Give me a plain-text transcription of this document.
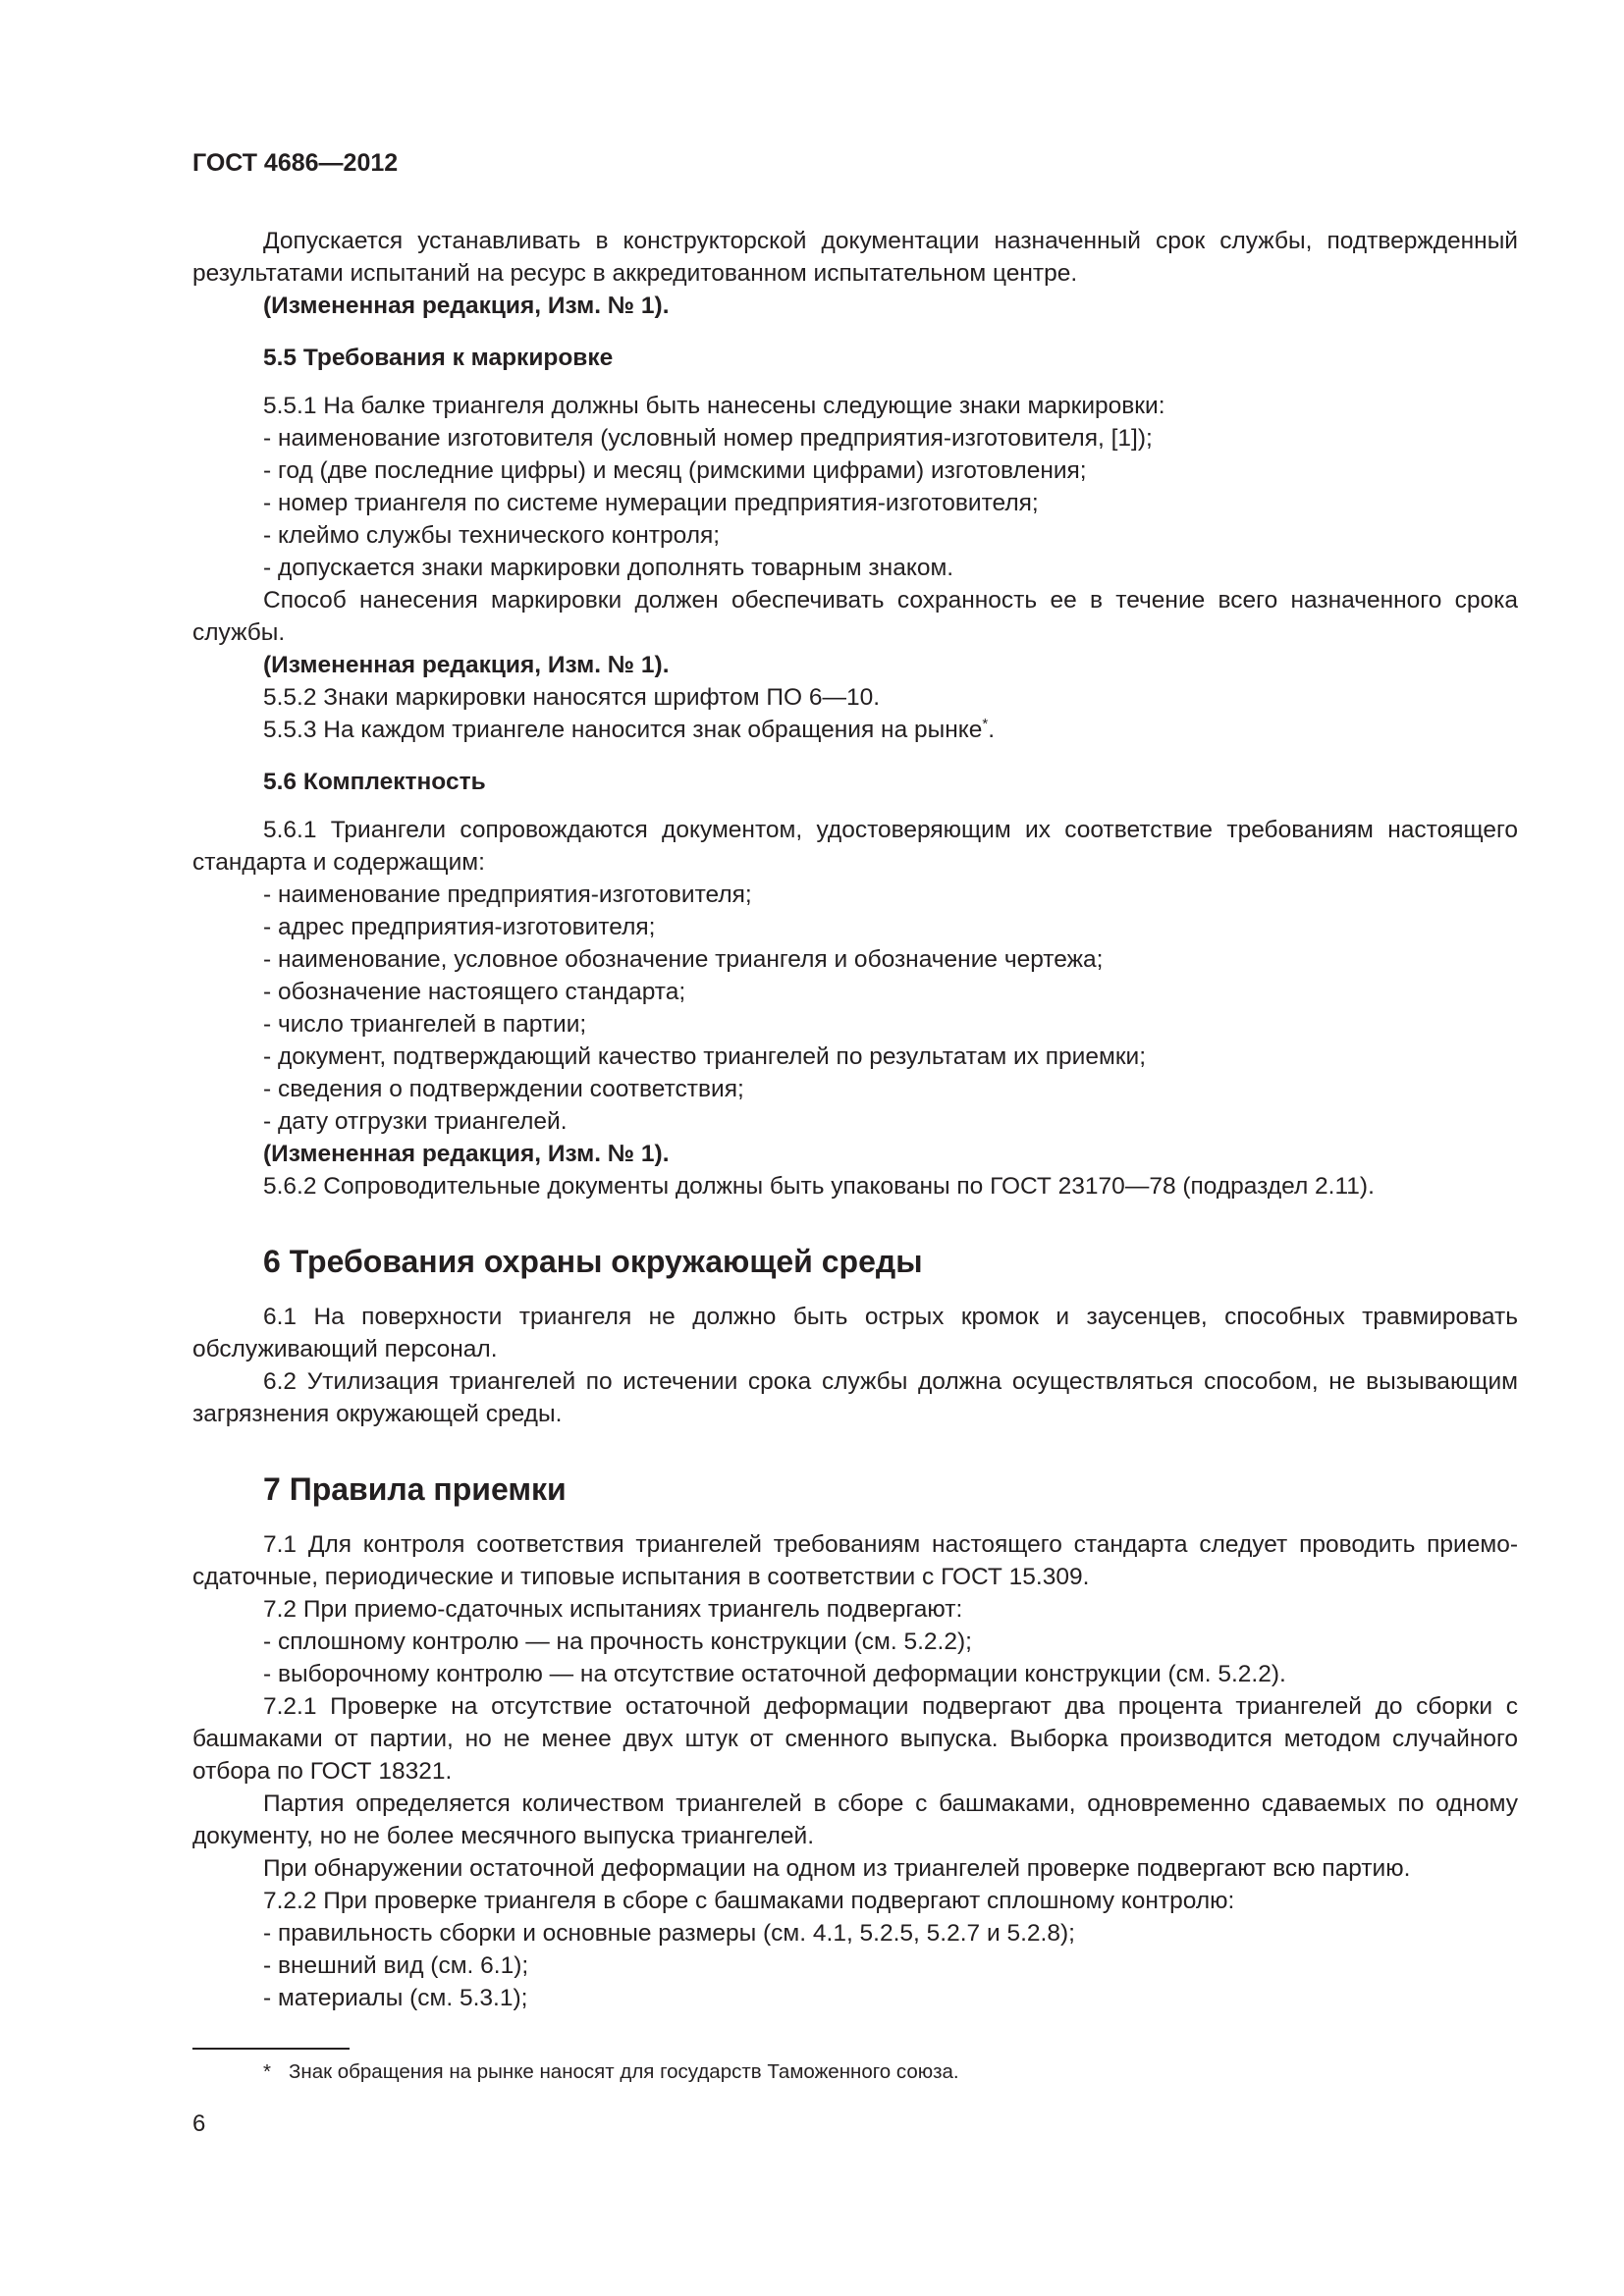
ГОСТ 4686—2012

Допускается устанавливать в конструкторской документации назначенный срок службы, подтвержденный результатами испытаний на ресурс в аккредитованном испытательном центре.

(Измененная редакция, Изм. № 1).

5.5 Требования к маркировке

5.5.1 На балке триангеля должны быть нанесены следующие знаки маркировки:

- наименование изготовителя (условный номер предприятия-изготовителя, [1]);

- год (две последние цифры) и месяц (римскими цифрами) изготовления;

- номер триангеля по системе нумерации предприятия-изготовителя;

- клеймо службы технического контроля;

- допускается знаки маркировки дополнять товарным знаком.

Способ нанесения маркировки должен обеспечивать сохранность ее в течение всего назначенного срока службы.

(Измененная редакция, Изм. № 1).

5.5.2 Знаки маркировки наносятся шрифтом ПО 6—10.

5.5.3 На каждом триангеле наносится знак обращения на рынке*.

5.6 Комплектность

5.6.1 Триангели сопровождаются документом, удостоверяющим их соответствие требованиям настоящего стандарта и содержащим:

- наименование предприятия-изготовителя;

- адрес предприятия-изготовителя;

- наименование, условное обозначение триангеля и обозначение чертежа;

- обозначение настоящего стандарта;

- число триангелей в партии;

- документ, подтверждающий качество триангелей по результатам их приемки;

- сведения о подтверждении соответствия;

- дату отгрузки триангелей.

(Измененная редакция, Изм. № 1).

5.6.2 Сопроводительные документы должны быть упакованы по ГОСТ 23170—78 (подраздел 2.11).

6 Требования охраны окружающей среды

6.1 На поверхности триангеля не должно быть острых кромок и заусенцев, способных травмировать обслуживающий персонал.

6.2 Утилизация триангелей по истечении срока службы должна осуществляться способом, не вызывающим загрязнения окружающей среды.

7 Правила приемки

7.1 Для контроля соответствия триангелей требованиям настоящего стандарта следует проводить приемо-сдаточные, периодические и типовые испытания в соответствии с ГОСТ 15.309.

7.2 При приемо-сдаточных испытаниях триангель подвергают:

- сплошному контролю — на прочность конструкции (см. 5.2.2);

- выборочному контролю — на отсутствие остаточной деформации конструкции (см. 5.2.2).

7.2.1 Проверке на отсутствие остаточной деформации подвергают два процента триангелей до сборки с башмаками от партии, но не менее двух штук от сменного выпуска. Выборка производится методом случайного отбора по ГОСТ 18321.

Партия определяется количеством триангелей в сборе с башмаками, одновременно сдаваемых по одному документу, но не более месячного выпуска триангелей.

При обнаружении остаточной деформации на одном из триангелей проверке подвергают всю партию.

7.2.2 При проверке триангеля в сборе с башмаками подвергают сплошному контролю:

- правильность сборки и основные размеры (см. 4.1, 5.2.5, 5.2.7 и 5.2.8);

- внешний вид (см. 6.1);

- материалы (см. 5.3.1);

* Знак обращения на рынке наносят для государств Таможенного союза.
6
